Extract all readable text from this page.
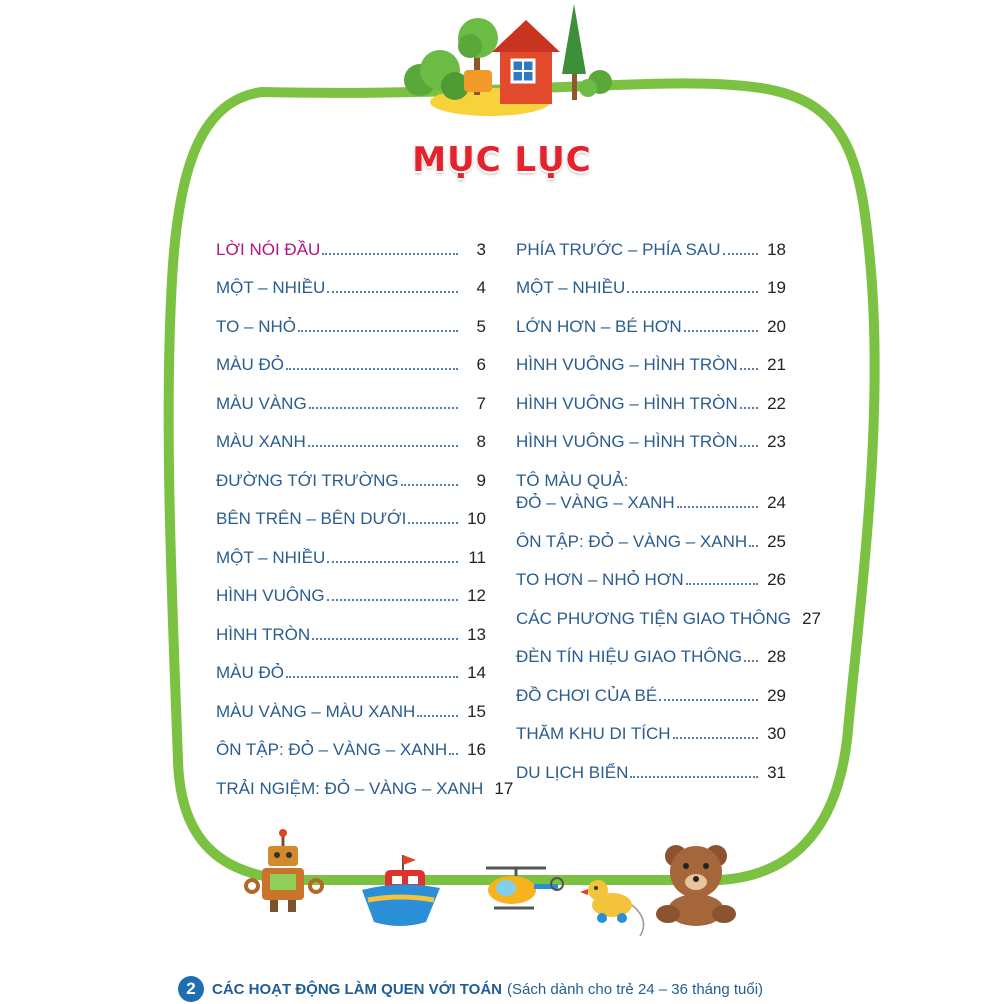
MỤC LỤC
LỜI NÓI ĐẦU	3
MỘT – NHIỀU	4
TO – NHỎ	5
MÀU ĐỎ	6
MÀU VÀNG	7
MÀU XANH	8
ĐƯỜNG TỚI TRƯỜNG	9
BÊN TRÊN – BÊN DƯỚI	10
MỘT – NHIỀU	11
HÌNH VUÔNG	12
HÌNH TRÒN	13
MÀU ĐỎ	14
MÀU VÀNG – MÀU XANH	15
ÔN TẬP: ĐỎ – VÀNG – XANH 16
TRẢI NGIỆM: ĐỎ – VÀNG – XANH 17
PHÍA TRƯỚC – PHÍA SAU	18
MỘT – NHIỀU	19
LỚN HƠN – BÉ HƠN	20
HÌNH VUÔNG – HÌNH TRÒN 21
HÌNH VUÔNG – HÌNH TRÒN 22
HÌNH VUÔNG – HÌNH TRÒN 23
TÔ MÀU QUẢ:
ĐỎ – VÀNG – XANH	24
ÔN TẬP: ĐỎ – VÀNG – XANH 25
TO HƠN – NHỎ HƠN	26
CÁC PHƯƠNG TIỆN GIAO THÔNG 27
ĐÈN TÍN HIỆU GIAO THÔNG 28
ĐỒ CHƠI CỦA BÉ	29
THĂM KHU DI TÍCH	30
DU LỊCH BIỂN	31
2	CÁC HOẠT ĐỘNG LÀM QUEN VỚI TOÁN (Sách dành cho trẻ 24 – 36 tháng tuổi)
